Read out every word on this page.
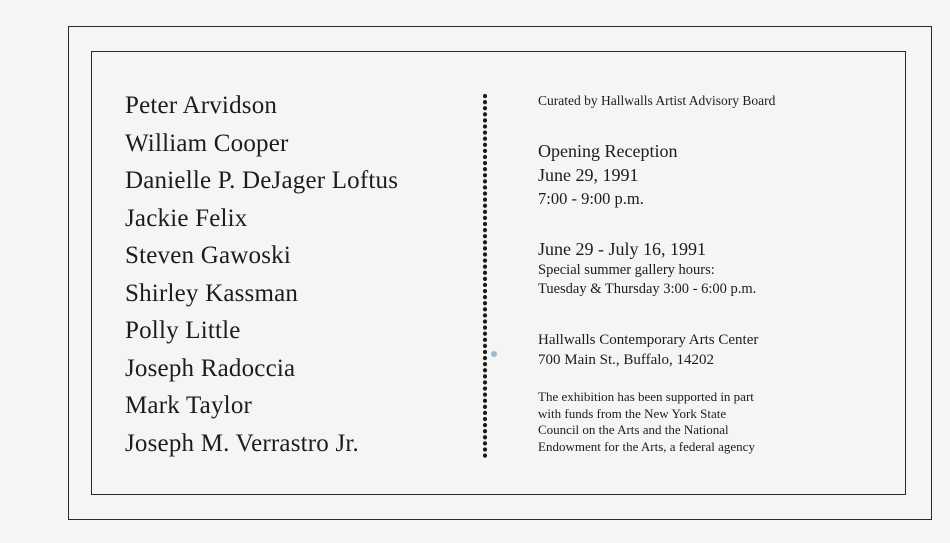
Peter Arvidson
William Cooper
Danielle P. DeJager Loftus
Jackie Felix
Steven Gawoski
Shirley Kassman
Polly Little
Joseph Radoccia
Mark Taylor
Joseph M. Verrastro Jr.
Curated by Hallwalls Artist Advisory Board
Opening Reception
June 29, 1991
7:00 - 9:00 p.m.
June 29 - July 16, 1991
Special summer gallery hours:
Tuesday & Thursday 3:00 - 6:00 p.m.
Hallwalls Contemporary Arts Center
700 Main St., Buffalo, 14202
The exhibition has been supported in part
with funds from the New York State
Council on the Arts and the National
Endowment for the Arts, a federal agency
